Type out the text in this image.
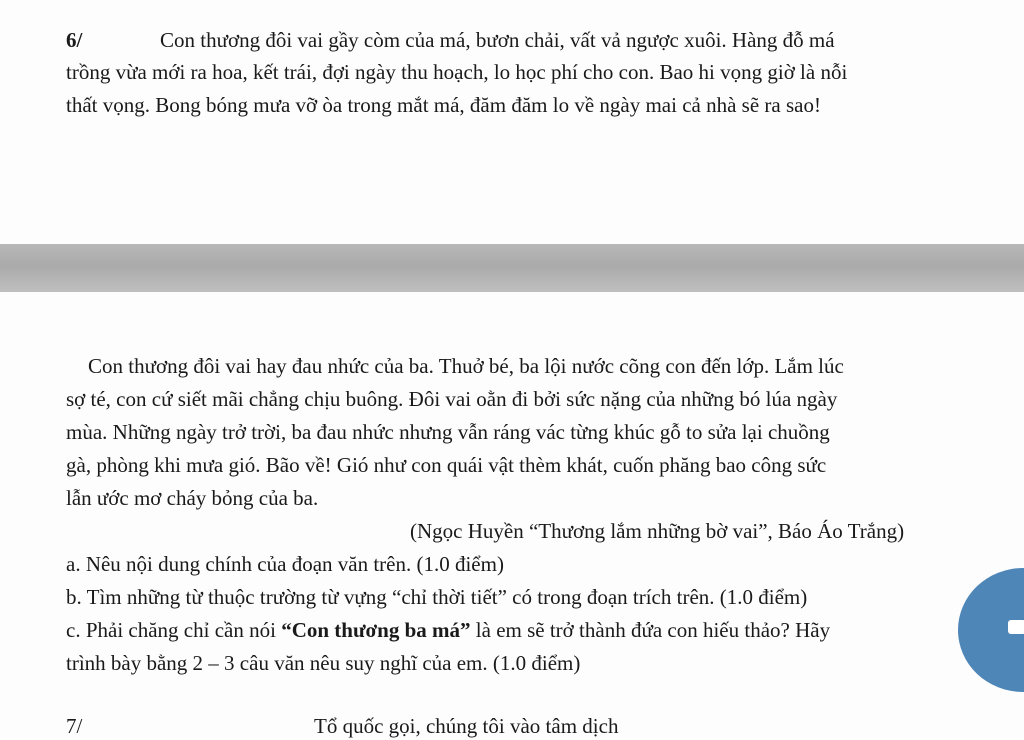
6/	Con thương đôi vai gầy còm của má, bươn chải, vất vả ngược xuôi. Hàng đỗ má
trồng vừa mới ra hoa, kết trái, đợi ngày thu hoạch, lo học phí cho con. Bao hi vọng giờ là nỗi
thất vọng. Bong bóng mưa vỡ òa trong mắt má, đăm đăm lo về ngày mai cả nhà sẽ ra sao!
Con thương đôi vai hay đau nhức của ba. Thuở bé, ba lội nước cõng con đến lớp. Lắm lúc
sợ té, con cứ siết mãi chẳng chịu buông. Đôi vai oằn đi bởi sức nặng của những bó lúa ngày
mùa. Những ngày trở trời, ba đau nhức nhưng vẫn ráng vác từng khúc gỗ to sửa lại chuồng
gà, phòng khi mưa gió. Bão về! Gió như con quái vật thèm khát, cuốn phăng bao công sức
lẫn ước mơ cháy bỏng của ba.
(Ngọc Huyền “Thương lắm những bờ vai”, Báo Áo Trắng)
a. Nêu nội dung chính của đoạn văn trên. (1.0 điểm)
b. Tìm những từ thuộc trường từ vựng “chỉ thời tiết” có trong đoạn trích trên. (1.0 điểm)
c. Phải chăng chỉ cần nói “Con thương ba má” là em sẽ trở thành đứa con hiếu thảo? Hãy
trình bày bằng 2 – 3 câu văn nêu suy nghĩ của em. (1.0 điểm)
7/	Tổ quốc gọi, chúng tôi vào tâm dịch
